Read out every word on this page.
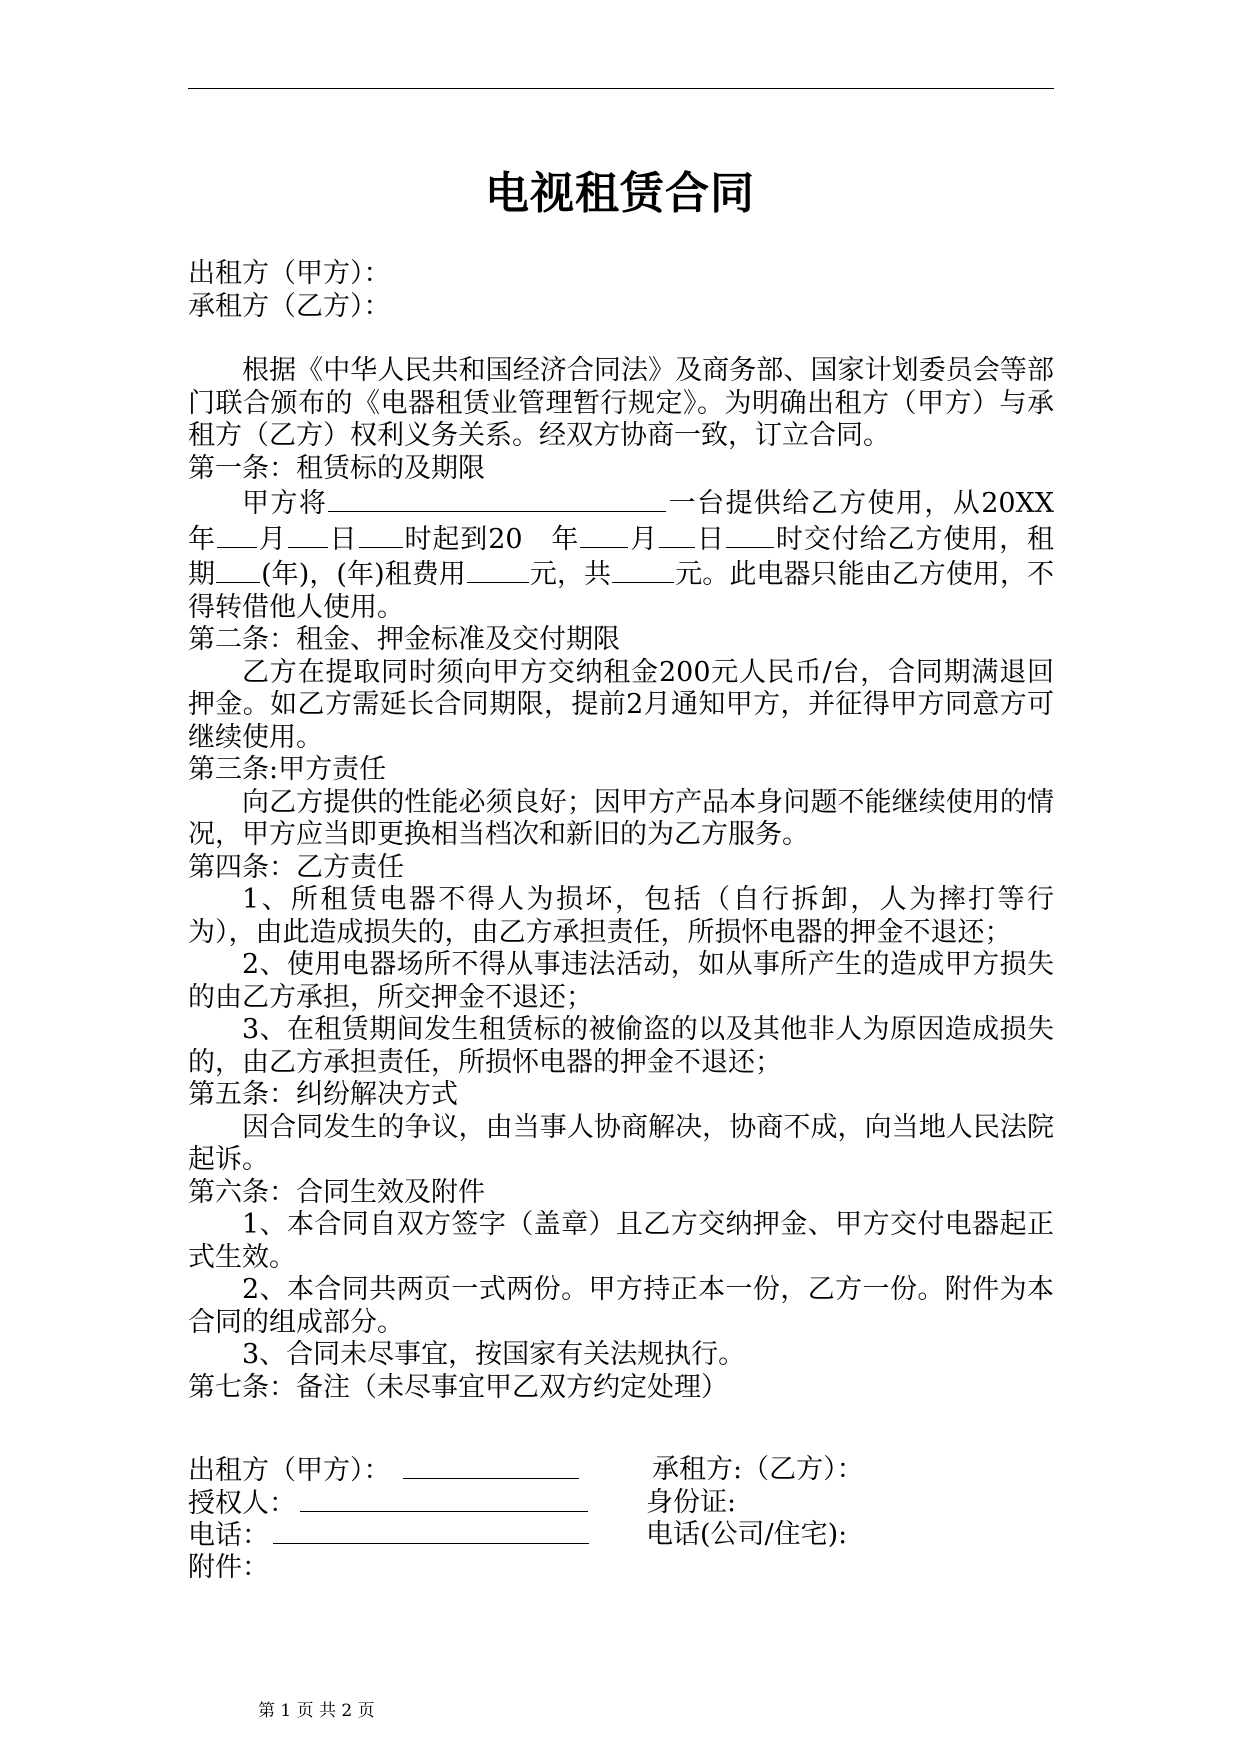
电视租赁合同

出租方（甲方）：

承租方（乙方）：

根据《中华人民共和国经济合同法》及商务部、国家计划委员会等部门联合颁布的《电器租赁业管理暂行规定》。为明确出租方（甲方）与承租方（乙方）权利义务关系。经双方协商一致，订立合同。

第一条：租赁标的及期限

甲方将	一台提供给乙方使用，从20XX年 月 日 时起到20　年 月 日 时交付给乙方使用，租期 (年)，(年)租费用 元，共 元。此电器只能由乙方使用，不得转借他人使用。

第二条：租金、押金标准及交付期限

乙方在提取同时须向甲方交纳租金200元人民币/台，合同期满退回押金。如乙方需延长合同期限，提前2月通知甲方，并征得甲方同意方可继续使用。

第三条:甲方责任

向乙方提供的性能必须良好；因甲方产品本身问题不能继续使用的情况，甲方应当即更换相当档次和新旧的为乙方服务。

第四条：乙方责任

1、所租赁电器不得人为损坏，包括（自行拆卸，人为摔打等行为），由此造成损失的，由乙方承担责任，所损怀电器的押金不退还；

2、使用电器场所不得从事违法活动，如从事所产生的造成甲方损失的由乙方承担，所交押金不退还；

3、在租赁期间发生租赁标的被偷盗的以及其他非人为原因造成损失的，由乙方承担责任，所损怀电器的押金不退还；

第五条：纠纷解决方式

因合同发生的争议，由当事人协商解决，协商不成，向当地人民法院起诉。

第六条：合同生效及附件

1、本合同自双方签字（盖章）且乙方交纳押金、甲方交付电器起正式生效。

2、本合同共两页一式两份。甲方持正本一份，乙方一份。附件为本合同的组成部分。

3、合同未尽事宜，按国家有关法规执行。

第七条：备注（未尽事宜甲乙双方约定处理）

出租方（甲方）：	承租方:（乙方）：
授权人：	身份证:
电话：	电话(公司/住宅):
附件：
第 1 页 共 2 页
